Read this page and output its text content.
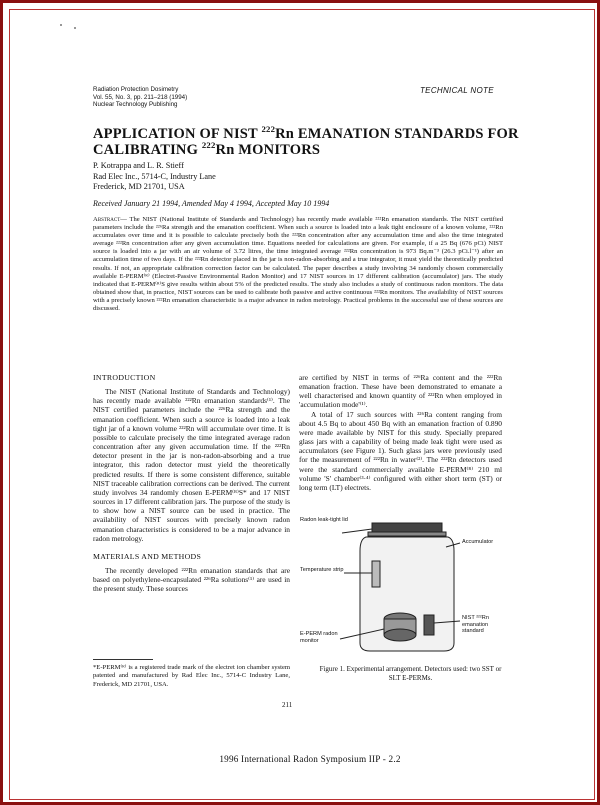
Radiation Protection Dosimetry
Vol. 55, No. 3, pp. 211–218 (1994)
Nuclear Technology Publishing
TECHNICAL NOTE
APPLICATION OF NIST $^{222}$Rn EMANATION STANDARDS FOR CALIBRATING $^{222}$Rn MONITORS
P. Kotrappa and L. R. Stieff
Rad Elec Inc., 5714-C, Industry Lane
Frederick, MD 21701, USA
Received January 21 1994, Amended May 4 1994, Accepted May 10 1994
Abstract— The NIST (National Institute of Standards and Technology) has recently made available ²²²Rn emanation standards. The NIST certified parameters include the ²²⁶Ra strength and the emanation coefficient. When such a source is loaded into a leak tight enclosure of a known volume, ²²²Rn accumulates over time and it is possible to calculate precisely both the ²²²Rn concentration after any accumulation time and also the time integrated average ²²²Rn concentration after any given accumulation time. Equations needed for calculations are given. For example, if a 25 Bq (676 pCi) NIST source is loaded into a jar with an air volume of 3.72 litres, the time integrated average ²²²Rn concentration is 973 Bq.m⁻³ (26.3 pCi.l⁻¹) after an accumulation time of two days. If the ²²²Rn detector placed in the jar is non-radon-absorbing and a true integrator, it must yield the theoretically predicted results. If not, an appropriate calibration correction factor can be calculated. The paper describes a study involving 34 randomly chosen commercially available E-PERM⁽ᴿ⁾ (Electret-Passive Environmental Radon Monitor) and 17 NIST sources in 17 different calibration (accumulator) jars. The study indicated that E-PERM⁽ᴿ⁾S give results within about 5% of the predicted results. The study also includes a study of continuous radon monitors. The data obtained show that, in practice, NIST sources can be used to calibrate both passive and active continuous ²²²Rn monitors. The availability of NIST sources with a precisely known ²²²Rn emanation characteristic is a major advance in radon metrology. Practical problems in the successful use of these sources are discussed.
INTRODUCTION
The NIST (National Institute of Standards and Technology) has recently made available ²²²Rn emanation standards⁽¹⁾. The NIST certified parameters include the ²²⁶Ra strength and the emanation coefficient. When such a source is loaded into a leak tight jar of a known volume ²²²Rn will accumulate over time. It is possible to calculate precisely the time integrated average radon concentration after any given accumulation time. If the ²²²Rn detector present in the jar is non-radon-absorbing and a true integrator, this radon detector must yield the theoretically predicted results. If there is some consistent difference, suitable NIST traceable calibration corrections can be derived. The current study involves 34 randomly chosen E-PERM⁽ᴿ⁾S* and 17 NIST sources in 17 different calibration jars. The purpose of the study is to show how a NIST source can be used in practice. The availability of NIST sources with precisely known radon emanation characteristics is considered to be a major advance in radon metrology.
MATERIALS AND METHODS
The recently developed ²²²Rn emanation standards that are based on polyethylene-encapsulated ²²⁶Ra solutions⁽¹⁾ are used in the present study. These sources
are certified by NIST in terms of ²²⁶Ra content and the ²²²Rn emanation fraction. These have been demonstrated to emanate a well characterised and known quantity of ²²²Rn when employed in 'accumulation mode'⁽¹⁾.
A total of 17 such sources with ²²⁶Ra content ranging from about 4.5 Bq to about 450 Bq with an emanation fraction of 0.890 were made available by NIST for this study. Specially prepared glass jars with a capability of being made leak tight were used as accumulators (see Figure 1). Such glass jars were previously used for the measurement of ²²²Rn in water⁽²⁾. The ²²²Rn detectors used were the standard commercially available E-PERM⁽ᴿ⁾ 210 ml volume 'S' chamber⁽³·⁴⁾ configured with either short term (ST) or long term (LT) electrets.
*E-PERM⁽ᴿ⁾ is a registered trade mark of the electret ion chamber system patented and manufactured by Rad Elec Inc., 5714-C Industry Lane, Frederick, MD 21701, USA.
Radon leak-tight lid
Accumulator
Temperature strip
NIST ²²²Rn emanation standard
E-PERM radon monitor
Figure 1. Experimental arrangement. Detectors used: two SST or SLT E-PERMs.
211
1996 International Radon Symposium IIP - 2.2
